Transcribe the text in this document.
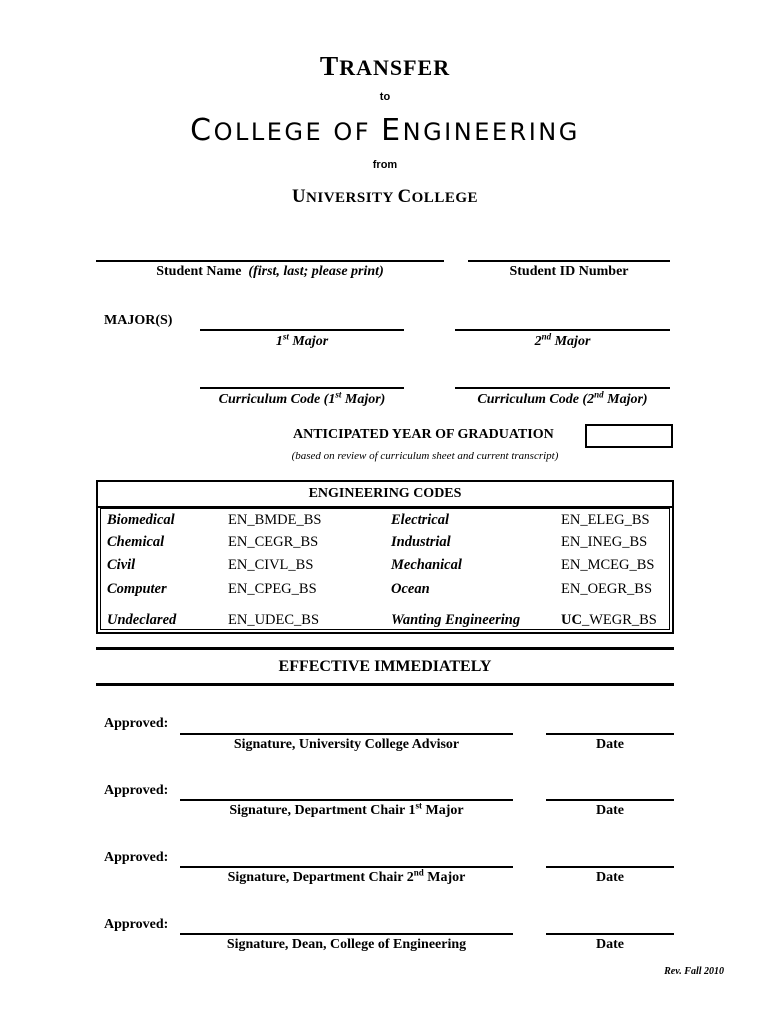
TRANSFER
to
COLLEGE OF ENGINEERING
from
UNIVERSITY COLLEGE
Student Name (first, last; please print)	Student ID Number
MAJOR(S)
1st Major	2nd Major
Curriculum Code (1st Major)	Curriculum Code (2nd Major)
ANTICIPATED YEAR OF GRADUATION
(based on review of curriculum sheet and current transcript)
ENGINEERING CODES
Biomedical	EN_BMDE_BS	Electrical	EN_ELEG_BS
Chemical	EN_CEGR_BS	Industrial	EN_INEG_BS
Civil	EN_CIVL_BS	Mechanical	EN_MCEG_BS
Computer	EN_CPEG_BS	Ocean	EN_OEGR_BS
Undeclared	EN_UDEC_BS	Wanting Engineering	UC_WEGR_BS
EFFECTIVE IMMEDIATELY
Approved:
Signature, University College Advisor	Date
Approved:
Signature, Department Chair 1st Major	Date
Approved:
Signature, Department Chair 2nd Major	Date
Approved:
Signature, Dean, College of Engineering	Date
Rev. Fall 2010
